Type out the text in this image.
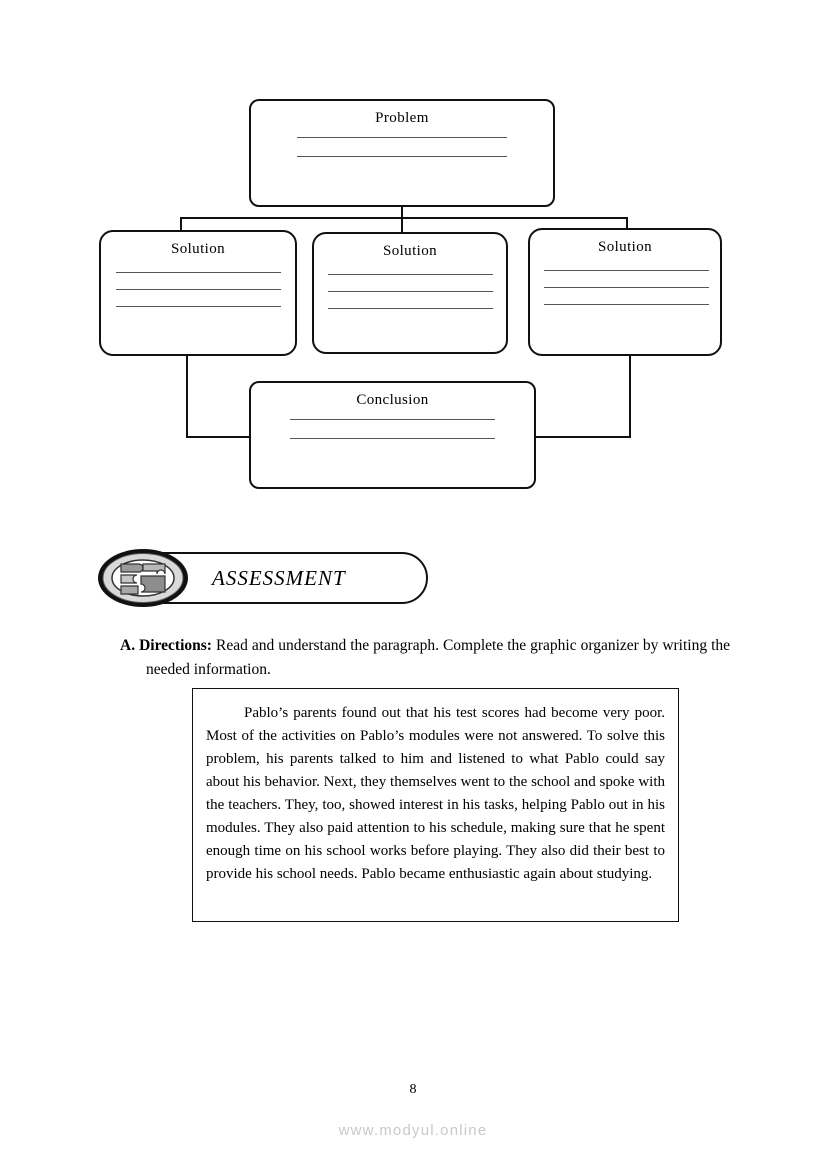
Problem
Solution	Solution	Solution
Conclusion
ASSESSMENT
A. Directions: Read and understand the paragraph. Complete the graphic organizer by writing the needed information.
Pablo’s parents found out that his test scores had become very poor. Most of the activities on Pablo’s modules were not answered. To solve this problem, his parents talked to him and listened to what Pablo could say about his behavior. Next, they themselves went to the school and spoke with the teachers. They, too, showed interest in his tasks, helping Pablo out in his modules. They also paid attention to his schedule, making sure that he spent enough time on his school works before playing. They also did their best to provide his school needs. Pablo became enthusiastic again about studying.
8
www.modyul.online
